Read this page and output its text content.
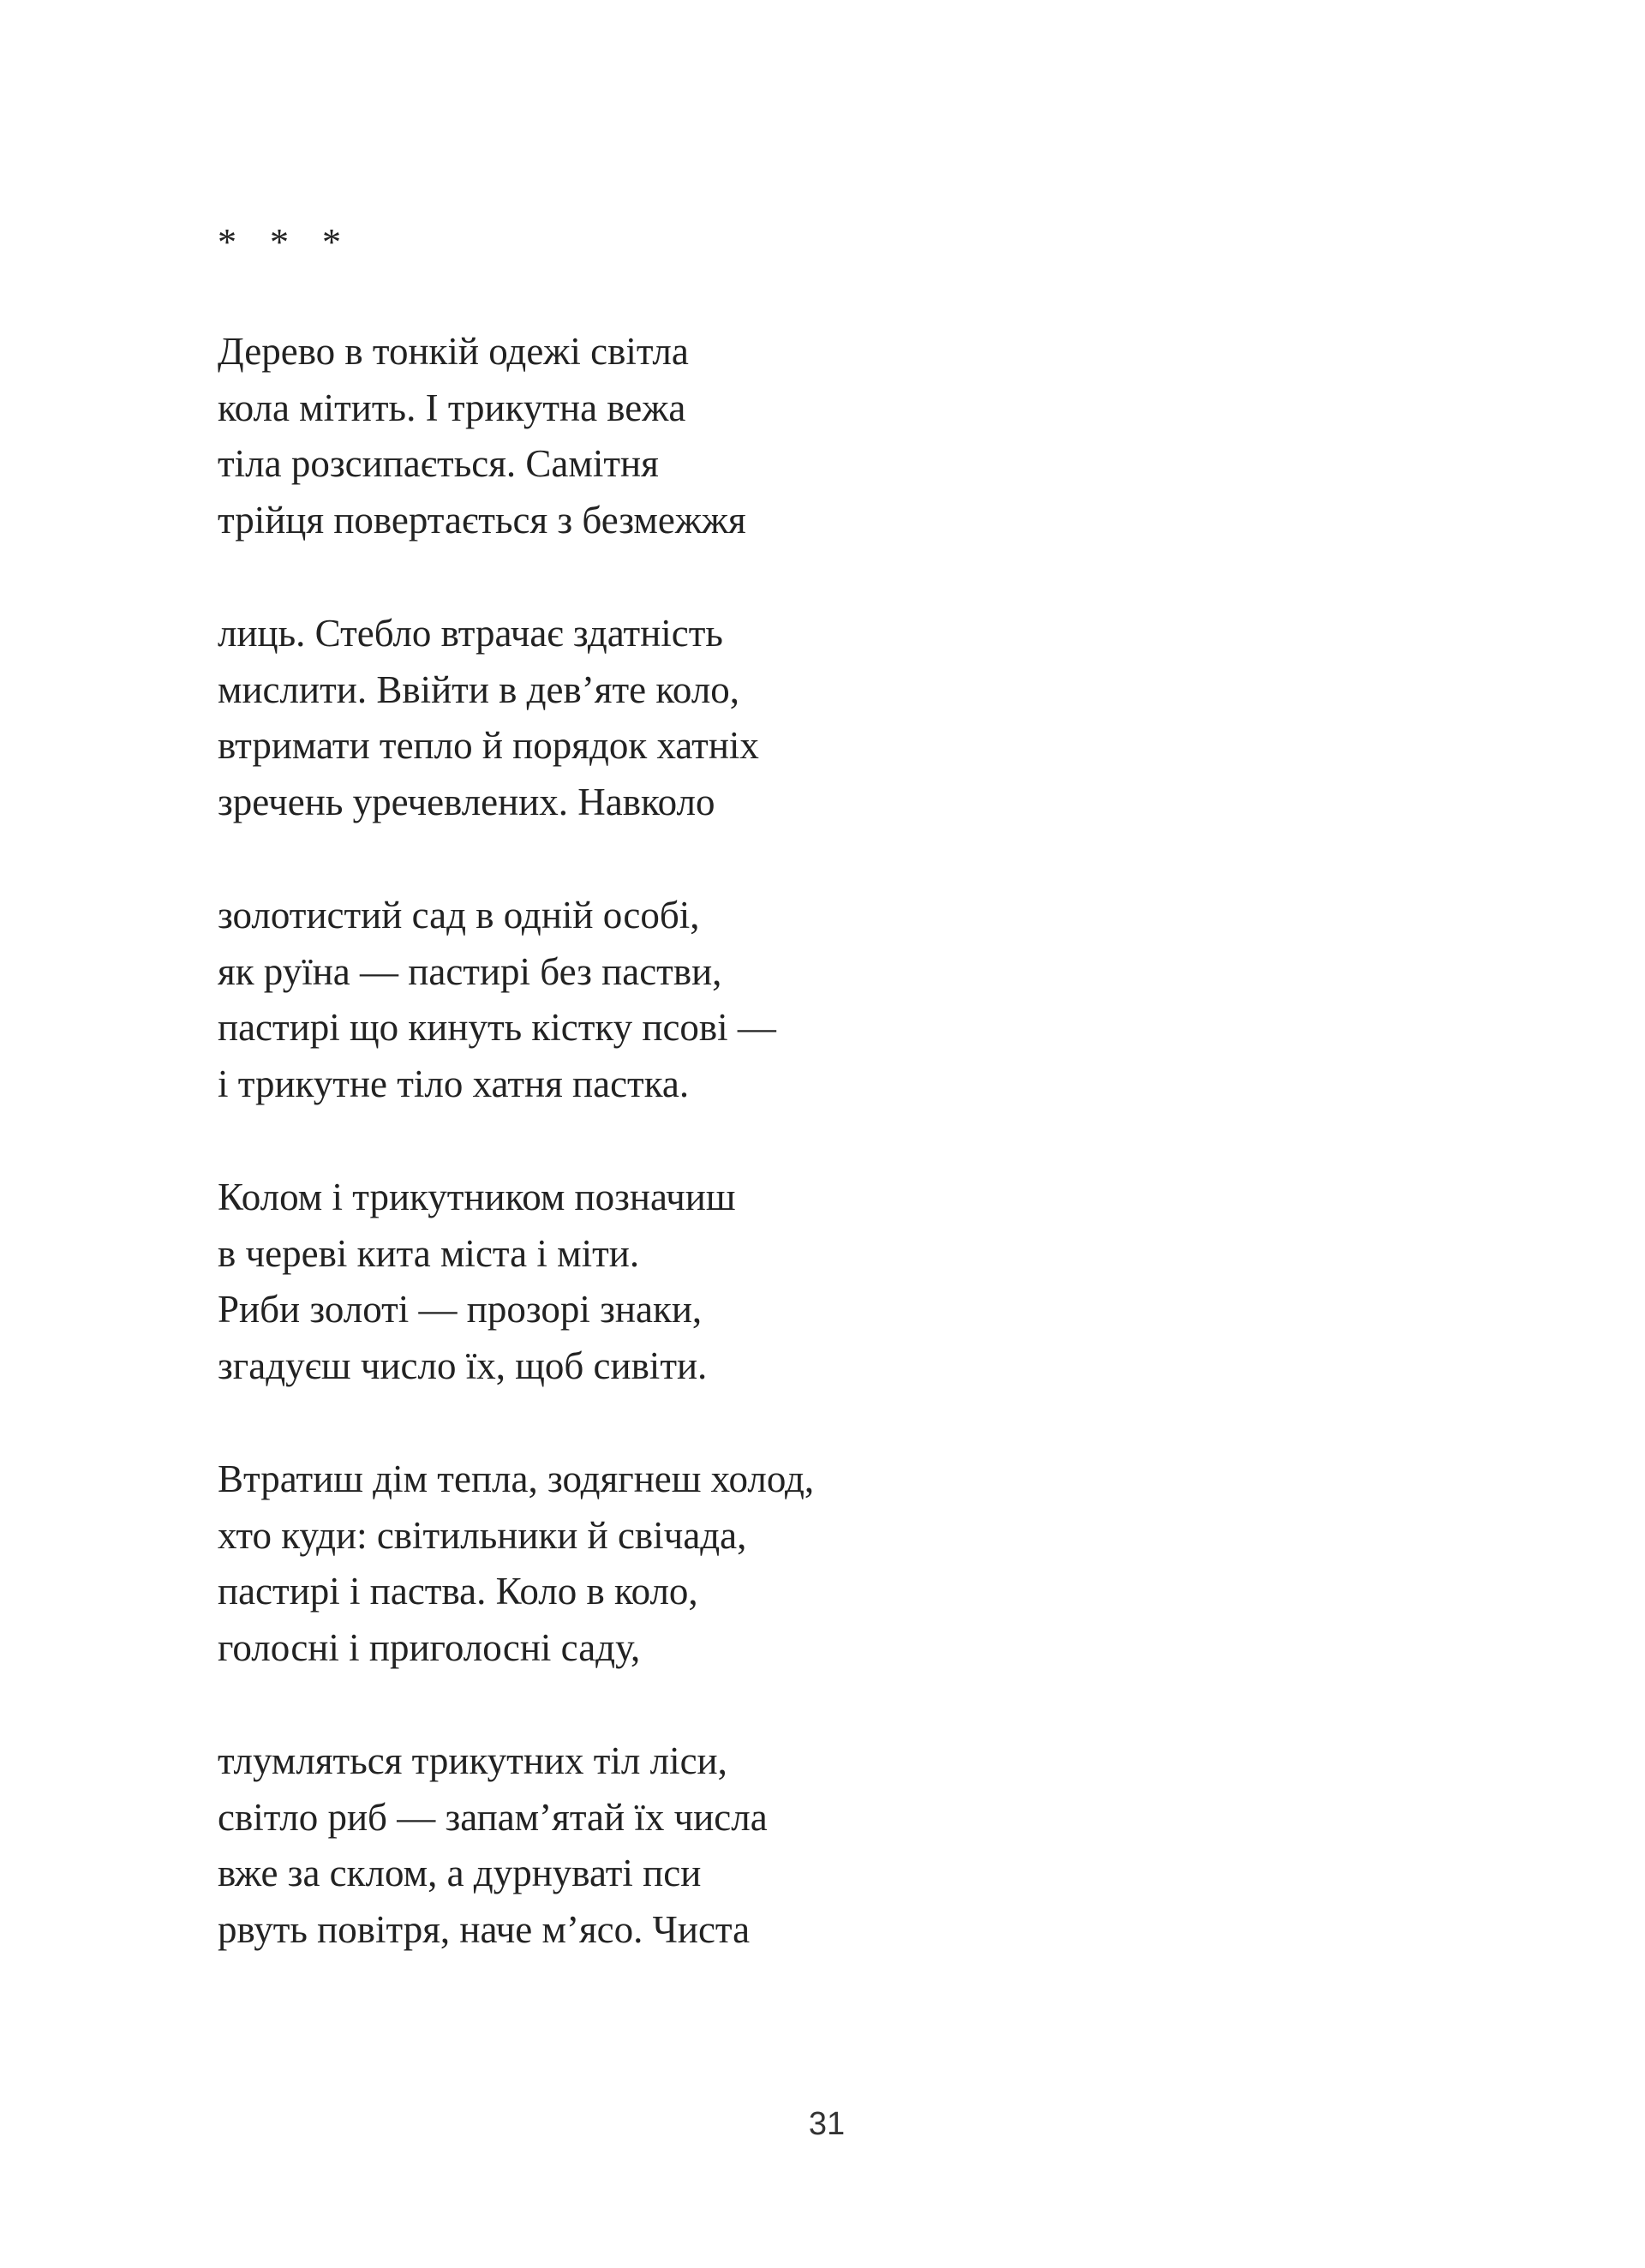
* * *
Дерево в тонкій одежі світла
кола мітить. І трикутна вежа
тіла розсипається. Самітня
трійця повертається з безмежжя
лиць. Стебло втрачає здатність
мислити. Ввійти в дев’яте коло,
втримати тепло й порядок хатніх
зречень уречевлених. Навколо
золотистий сад в одній особі,
як руїна — пастирі без пастви,
пастирі що кинуть кістку псові —
і трикутне тіло хатня пастка.
Колом і трикутником позначиш
в череві кита міста і міти.
Риби золоті — прозорі знаки,
згадуєш число їх, щоб сивіти.
Втратиш дім тепла, зодягнеш холод,
хто куди: світильники й свічада,
пастирі і паства. Коло в коло,
голосні і приголосні саду,
тлумляться трикутних тіл ліси,
світло риб — запам’ятай їх числа
вже за склом, а дурнуваті пси
рвуть повітря, наче м’ясо. Чиста
31
